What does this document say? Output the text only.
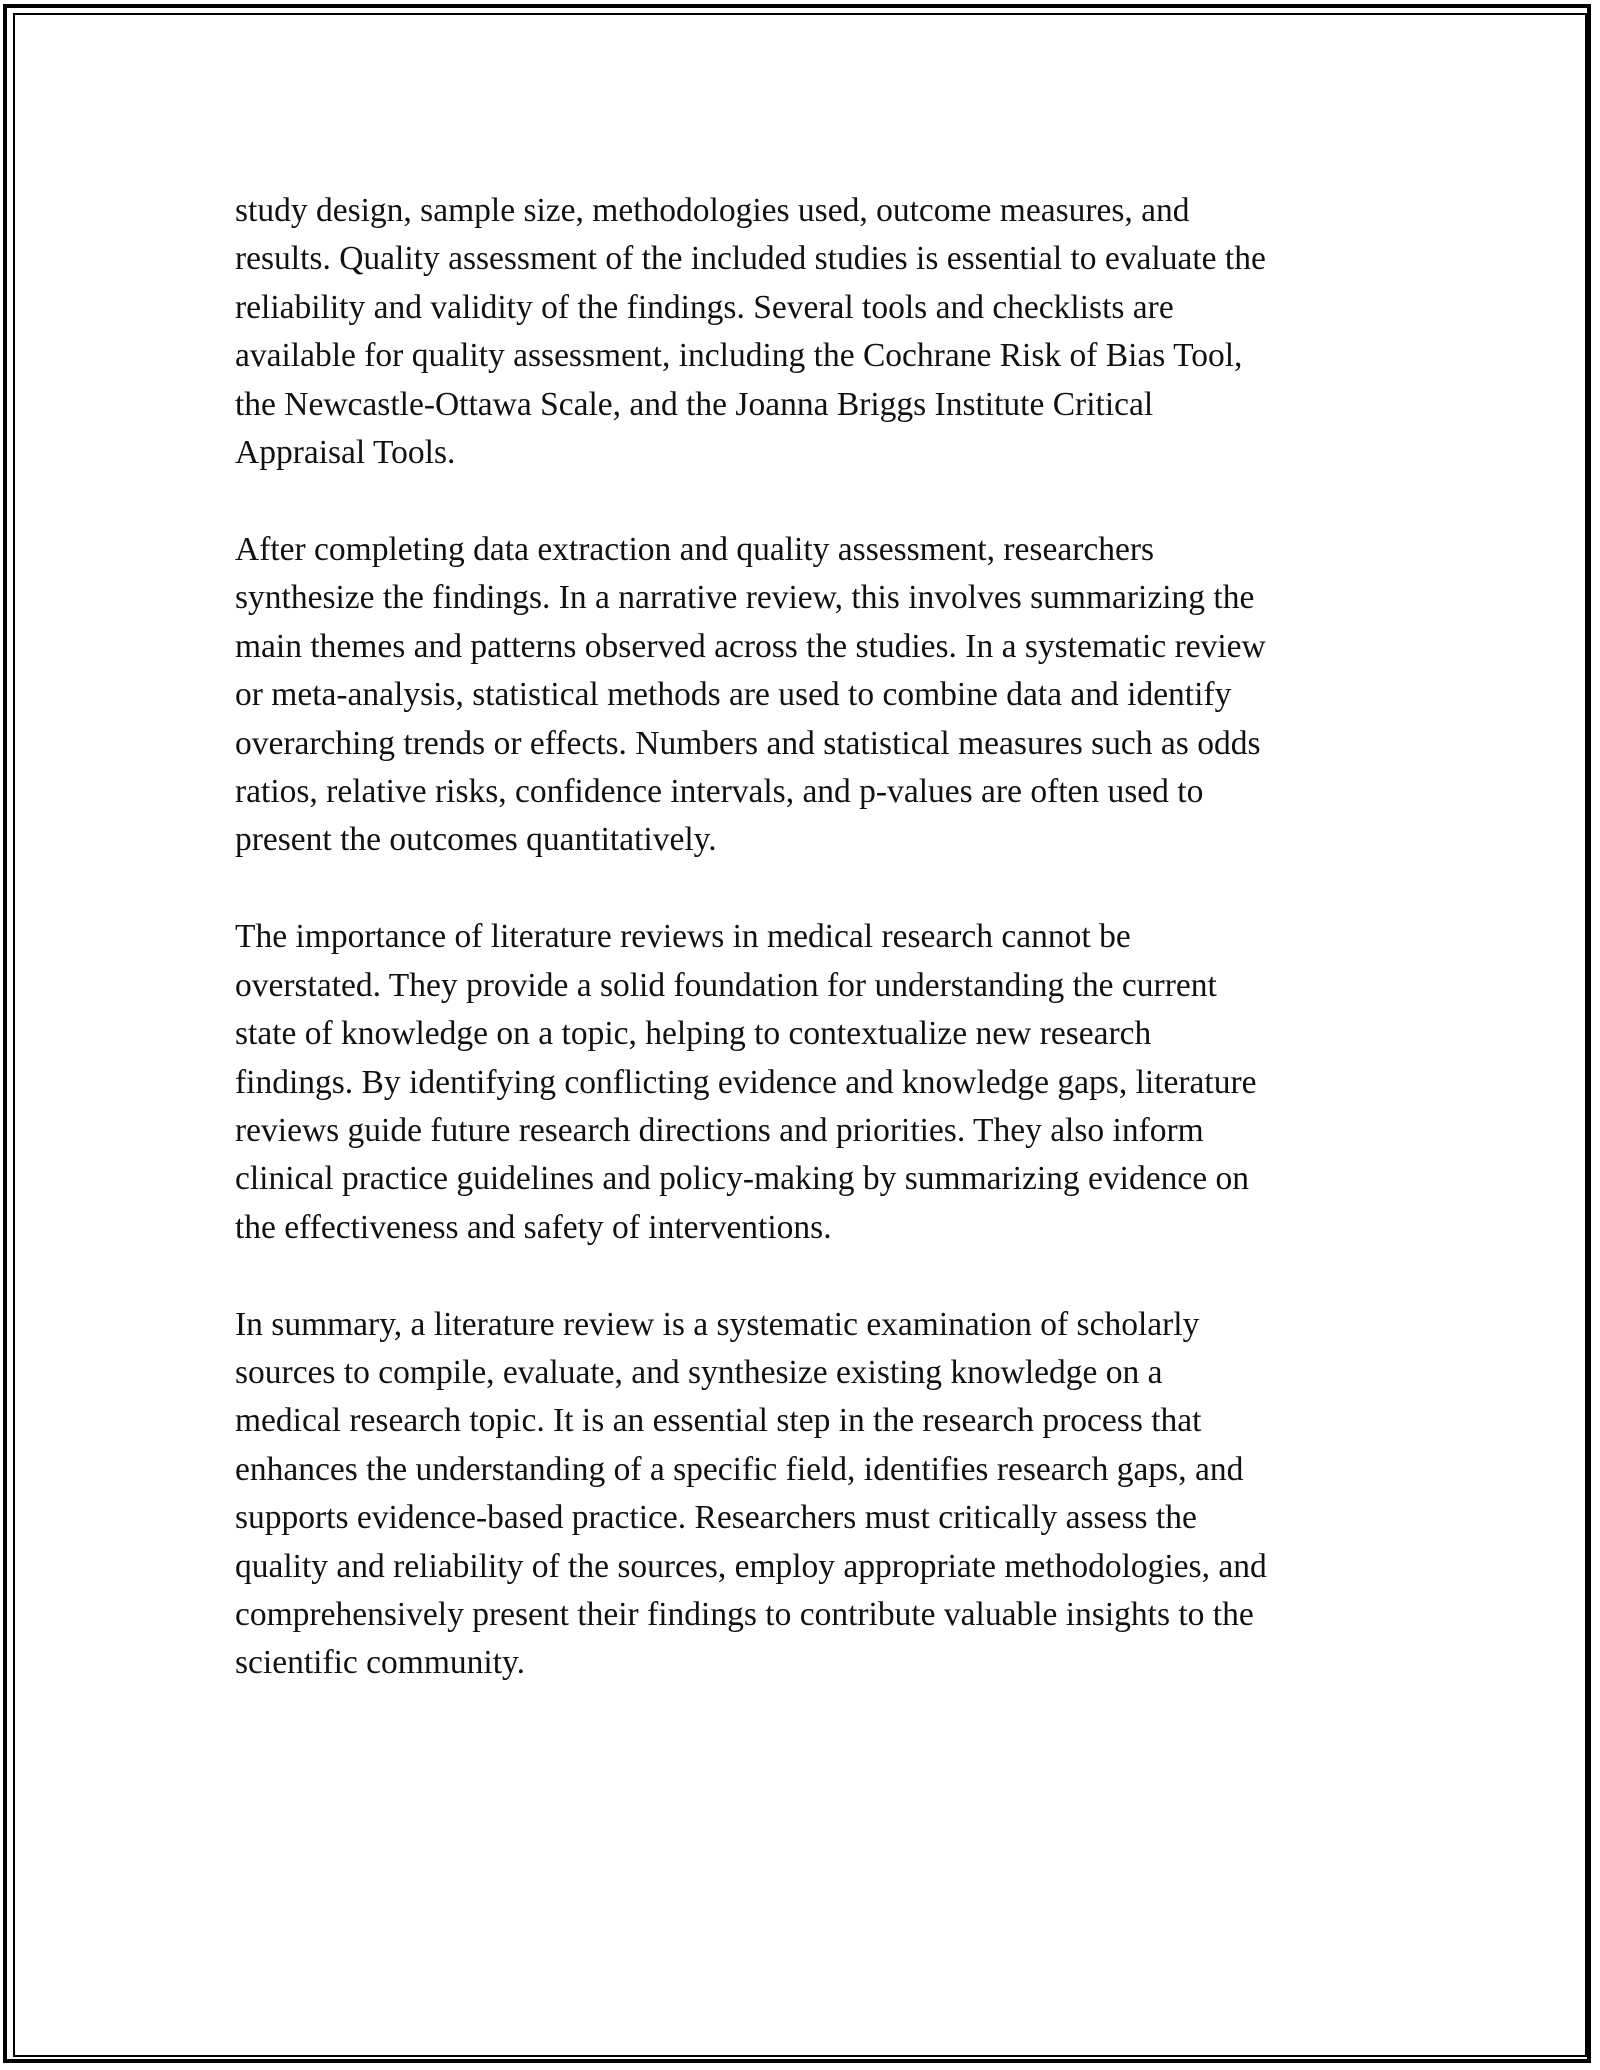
study design, sample size, methodologies used, outcome measures, and
results. Quality assessment of the included studies is essential to evaluate the
reliability and validity of the findings. Several tools and checklists are
available for quality assessment, including the Cochrane Risk of Bias Tool,
the Newcastle-Ottawa Scale, and the Joanna Briggs Institute Critical
Appraisal Tools.

After completing data extraction and quality assessment, researchers
synthesize the findings. In a narrative review, this involves summarizing the
main themes and patterns observed across the studies. In a systematic review
or meta-analysis, statistical methods are used to combine data and identify
overarching trends or effects. Numbers and statistical measures such as odds
ratios, relative risks, confidence intervals, and p-values are often used to
present the outcomes quantitatively.

The importance of literature reviews in medical research cannot be
overstated. They provide a solid foundation for understanding the current
state of knowledge on a topic, helping to contextualize new research
findings. By identifying conflicting evidence and knowledge gaps, literature
reviews guide future research directions and priorities. They also inform
clinical practice guidelines and policy-making by summarizing evidence on
the effectiveness and safety of interventions.

In summary, a literature review is a systematic examination of scholarly
sources to compile, evaluate, and synthesize existing knowledge on a
medical research topic. It is an essential step in the research process that
enhances the understanding of a specific field, identifies research gaps, and
supports evidence-based practice. Researchers must critically assess the
quality and reliability of the sources, employ appropriate methodologies, and
comprehensively present their findings to contribute valuable insights to the
scientific community.
